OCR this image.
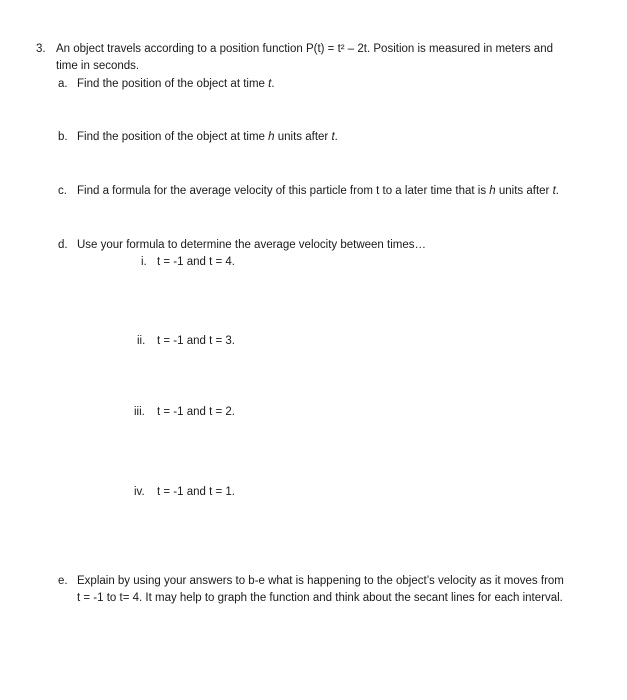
3. An object travels according to a position function P(t) = t² – 2t. Position is measured in meters and
time in seconds.
a. Find the position of the object at time t.
b. Find the position of the object at time h units after t.
c. Find a formula for the average velocity of this particle from t to a later time that is h units after t.
d. Use your formula to determine the average velocity between times…
i. t = -1 and t = 4.
ii. t = -1 and t = 3.
iii. t = -1 and t = 2.
iv. t = -1 and t = 1.
e. Explain by using your answers to b-e what is happening to the object’s velocity as it moves from
t = -1 to t= 4. It may help to graph the function and think about the secant lines for each interval.
